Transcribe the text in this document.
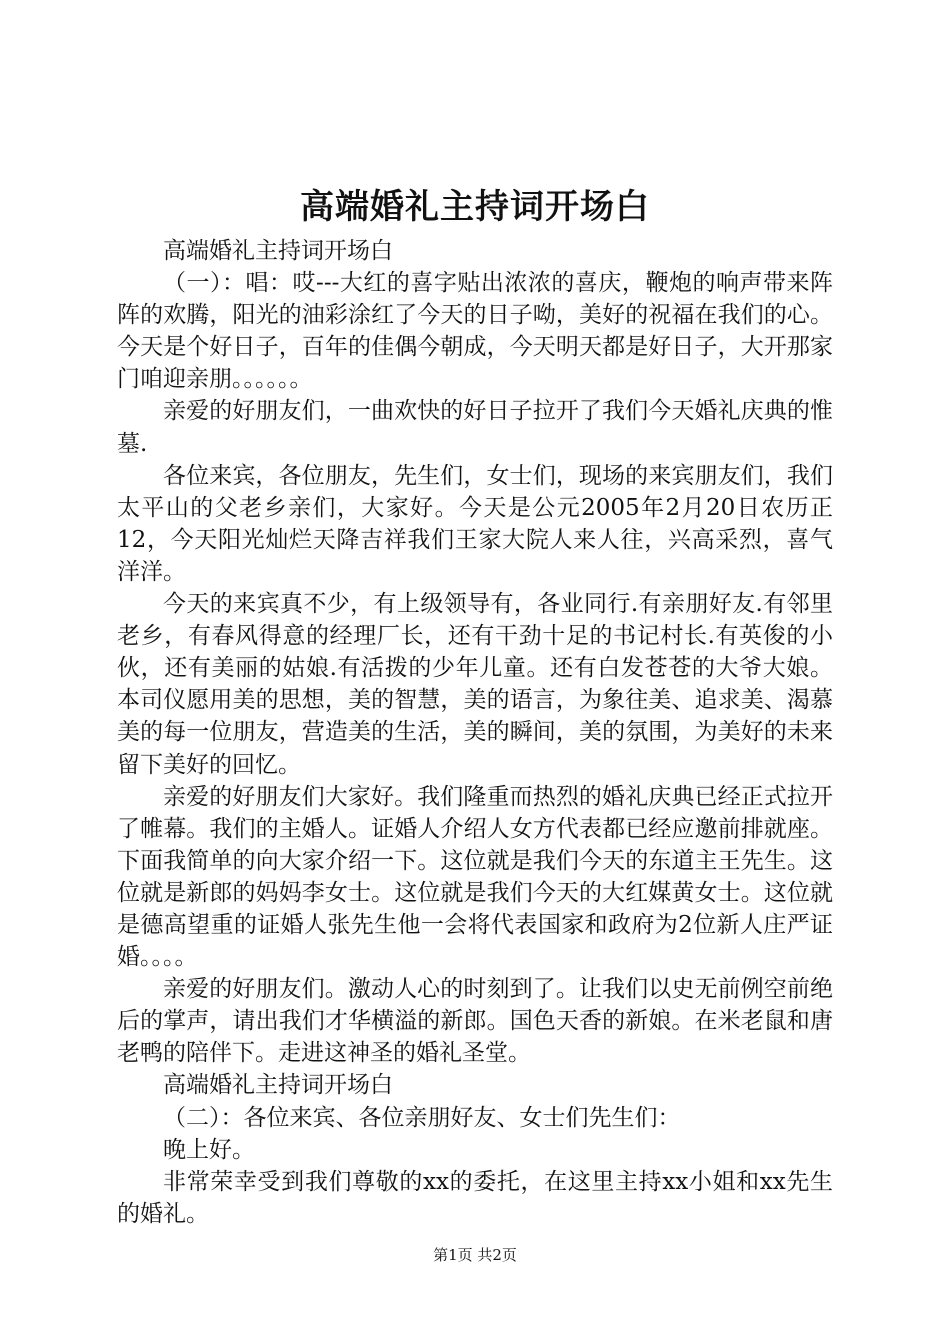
高端婚礼主持词开场白

高端婚礼主持词开场白

（一）：唱：哎---大红的喜字贴出浓浓的喜庆，鞭炮的响声带来阵阵的欢腾，阳光的油彩涂红了今天的日子呦，美好的祝福在我们的心。今天是个好日子，百年的佳偶今朝成，今天明天都是好日子，大开那家门咱迎亲朋。。。。。。

亲爱的好朋友们，一曲欢快的好日子拉开了我们今天婚礼庆典的惟墓.

各位来宾，各位朋友，先生们，女士们，现场的来宾朋友们，我们太平山的父老乡亲们，大家好。今天是公元2005年2月20日农历正12，今天阳光灿烂天降吉祥我们王家大院人来人往，兴高采烈，喜气洋洋。

今天的来宾真不少，有上级领导有，各业同行.有亲朋好友.有邻里老乡，有春风得意的经理厂长，还有干劲十足的书记村长.有英俊的小伙，还有美丽的姑娘.有活拨的少年儿童。还有白发苍苍的大爷大娘。本司仪愿用美的思想，美的智慧，美的语言，为象往美、追求美、渴慕美的每一位朋友，营造美的生活，美的瞬间，美的氛围，为美好的未来留下美好的回忆。

亲爱的好朋友们大家好。我们隆重而热烈的婚礼庆典已经正式拉开了帷幕。我们的主婚人。证婚人介绍人女方代表都已经应邀前排就座。下面我简单的向大家介绍一下。这位就是我们今天的东道主王先生。这位就是新郎的妈妈李女士。这位就是我们今天的大红媒黄女士。这位就是德高望重的证婚人张先生他一会将代表国家和政府为2位新人庄严证婚。。。。

亲爱的好朋友们。激动人心的时刻到了。让我们以史无前例空前绝后的掌声，请出我们才华横溢的新郎。国色天香的新娘。在米老鼠和唐老鸭的陪伴下。走进这神圣的婚礼圣堂。

高端婚礼主持词开场白

（二）：各位来宾、各位亲朋好友、女士们先生们：

晚上好。

非常荣幸受到我们尊敬的xx的委托，在这里主持xx小姐和xx先生的婚礼。

第1页 共2页
